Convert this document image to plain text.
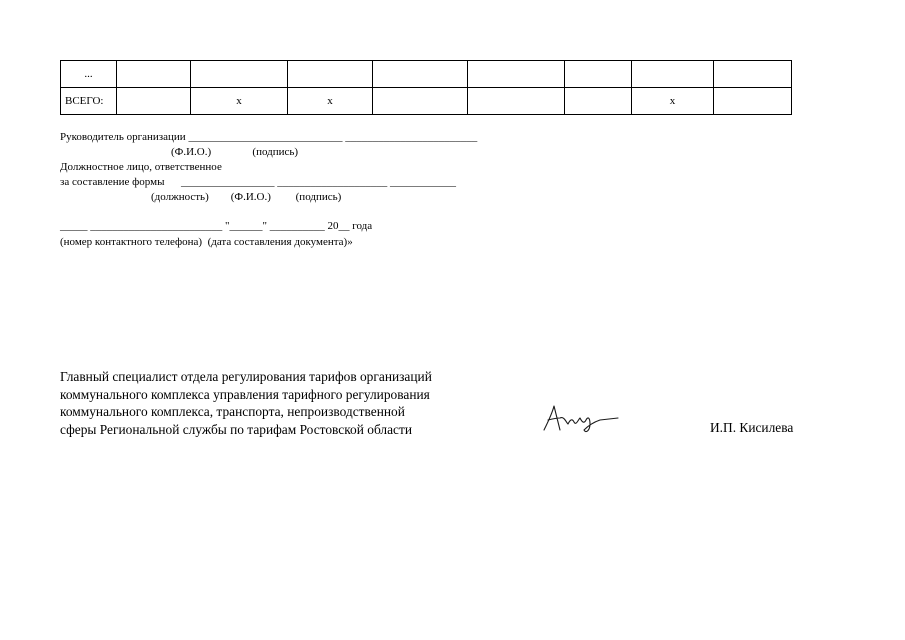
...								
ВСЕГО:		x	x				x	
Руководитель организации ____________________________ ________________________
(Ф.И.О.)               (подпись)
Должностное лицо, ответственное
за составление формы      _________________ ____________________ ____________
(должность)        (Ф.И.О.)         (подпись)
_____ ________________________ "______" __________ 20__ года
(номер контактного телефона)  (дата составления документа)»
Главный специалист отдела регулирования тарифов организаций
коммунального комплекса управления тарифного регулирования
коммунального комплекса, транспорта, непроизводственной
сферы Региональной службы по тарифам Ростовской области	И.П. Кисилева
